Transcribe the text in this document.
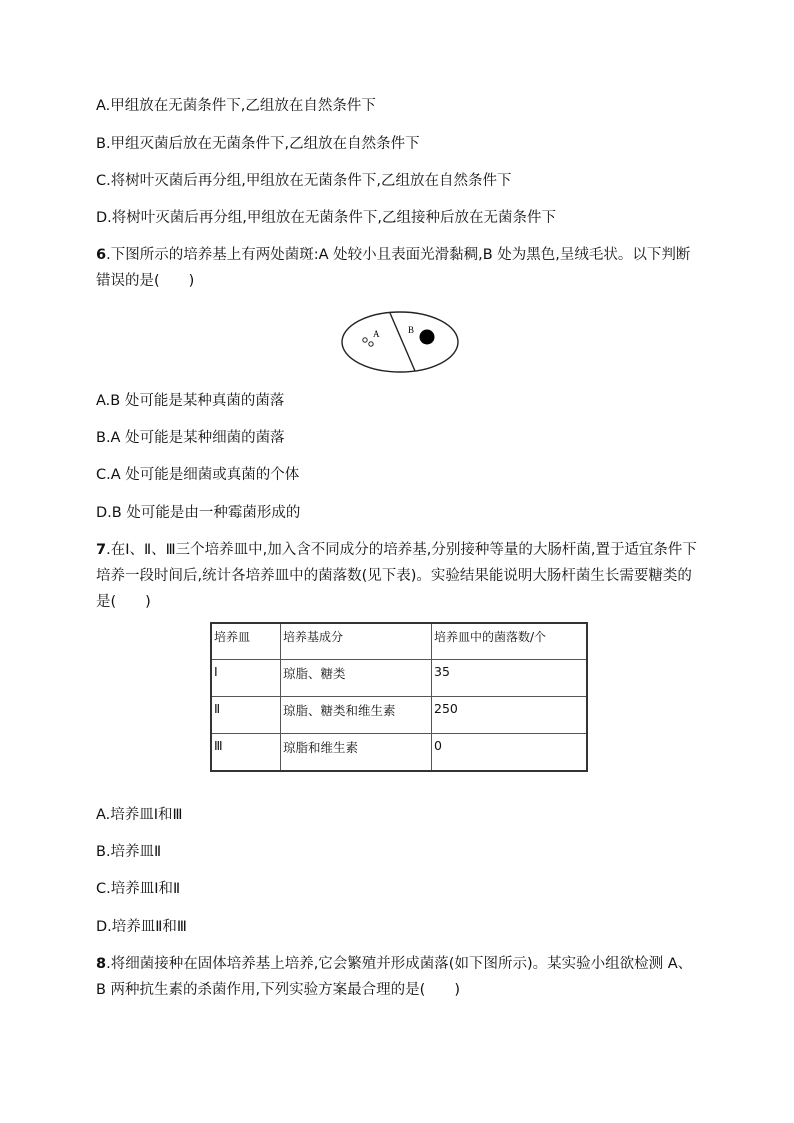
A.甲组放在无菌条件下,乙组放在自然条件下
B.甲组灭菌后放在无菌条件下,乙组放在自然条件下
C.将树叶灭菌后再分组,甲组放在无菌条件下,乙组放在自然条件下
D.将树叶灭菌后再分组,甲组放在无菌条件下,乙组接种后放在无菌条件下
6.下图所示的培养基上有两处菌斑:A 处较小且表面光滑黏稠,B 处为黑色,呈绒毛状。以下判断错误的是(　　)
A	B
A.B 处可能是某种真菌的菌落
B.A 处可能是某种细菌的菌落
C.A 处可能是细菌或真菌的个体
D.B 处可能是由一种霉菌形成的
7.在Ⅰ、Ⅱ、Ⅲ三个培养皿中,加入含不同成分的培养基,分别接种等量的大肠杆菌,置于适宜条件下培养一段时间后,统计各培养皿中的菌落数(见下表)。实验结果能说明大肠杆菌生长需要糖类的是(　　)
培养皿	培养基成分	培养皿中的菌落数/个
Ⅰ	琼脂、糖类	35
Ⅱ	琼脂、糖类和维生素	250
Ⅲ	琼脂和维生素	0
A.培养皿Ⅰ和Ⅲ
B.培养皿Ⅱ
C.培养皿Ⅰ和Ⅱ
D.培养皿Ⅱ和Ⅲ
8.将细菌接种在固体培养基上培养,它会繁殖并形成菌落(如下图所示)。某实验小组欲检测 A、B 两种抗生素的杀菌作用,下列实验方案最合理的是(　　)
